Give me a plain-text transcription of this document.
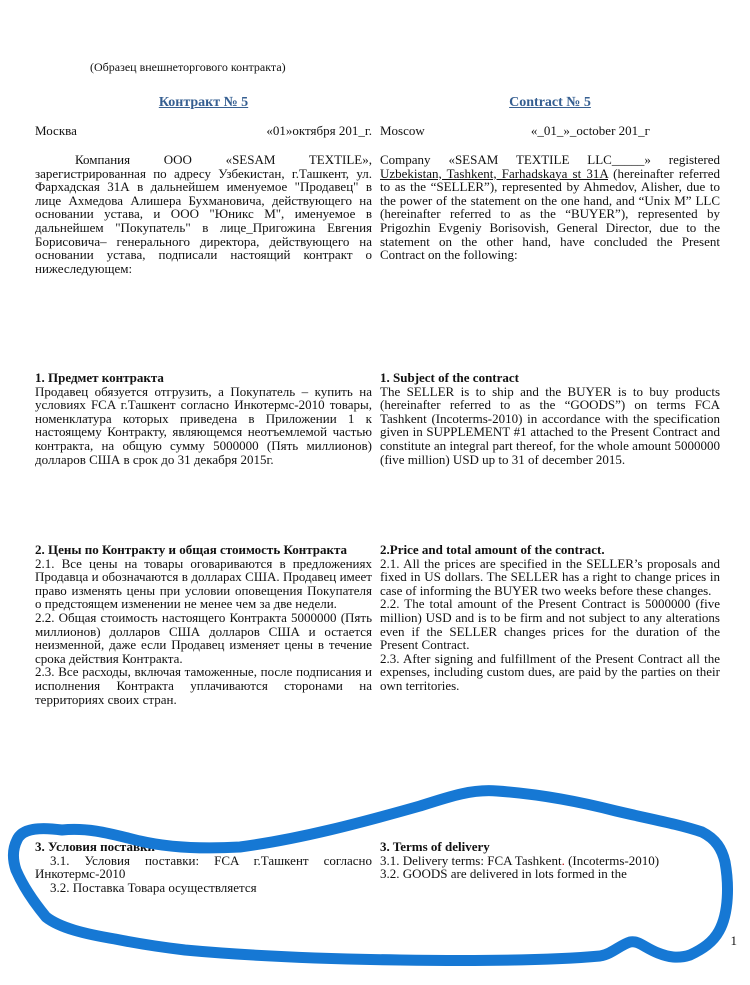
(Образец внешнеторгового контракта)
Контракт № 5	Contract № 5
Москва	«01»октября 201_г. Moscow	«_01_»_october 201_г

Компания ООО «SESAM TEXTILE», зарегистрированная по адресу Узбекистан, г.Ташкент, ул. Фархадская 31А в дальнейшем именуемое "Продавец" в лице Ахмедова Алишера Бухмановича, действующего на основании устава, и ООО "Юникс М", именуемое в дальнейшем "Покупатель" в лице_Пригожина Евгения Борисовича– генерального директора, действующего на основании устава, подписали настоящий контракт о нижеследующем:

Company «SESAM TEXTILE LLC_____» registered Uzbekistan, Tashkent, Farhadskaya st 31A (hereinafter referred to as the “SELLER”), represented by Ahmedov, Alisher, due to the power of the statement on the one hand, and “Unix M” LLC (hereinafter referred to as the “BUYER”), represented by Prigozhin Evgeniy Borisovish, General Director, due to the statement on the other hand, have concluded the Present Contract on the following:

1. Предмет контракта

Продавец обязуется отгрузить, а Покупатель – купить на условиях FCA г.Ташкент согласно Инкотермс-2010 товары, номенклатура которых приведена в Приложении 1 к настоящему Контракту, являющемся неотъемлемой частью контракта, на общую сумму 5000000 (Пять миллионов) долларов США в срок до 31 декабря 2015г.

1. Subject of the contract

The SELLER is to ship and the BUYER is to buy products (hereinafter referred to as the “GOODS”) on terms FCA Tashkent (Incoterms-2010) in accordance with the specification given in SUPPLEMENT #1 attached to the Present Contract and constitute an integral part thereof, for the whole amount 5000000 (five million) USD up to 31 of december 2015.

2. Цены по Контракту и общая стоимость Контракта

2.1. Все цены на товары оговариваются в предложениях Продавца и обозначаются в долларах США. Продавец имеет право изменять цены при условии оповещения Покупателя о предстоящем изменении не менее чем за две недели.

2.2. Общая стоимость настоящего Контракта 5000000 (Пять миллионов) долларов США долларов США и остается неизменной, даже если Продавец изменяет цены в течение срока действия Контракта.

2.3. Все расходы, включая таможенные, после подписания и исполнения Контракта уплачиваются сторонами на территориях своих стран.

2.Price and total amount of the contract.

2.1. All the prices are specified in the SELLER’s proposals and fixed in US dollars. The SELLER has a right to change prices in case of informing the BUYER two weeks before these changes.

2.2. The total amount of the Present Contract is 5000000 (five million) USD and is to be firm and not subject to any alterations even if the SELLER changes prices for the duration of the Present Contract.

2.3. After signing and fulfillment of the Present Contract all the expenses, including custom dues, are paid by the parties on their own territories.

3. Условия поставки

3.1. Условия поставки: FCA г.Ташкент согласно Инкотермс-2010

3.2. Поставка Товара осуществляется

3. Terms of delivery

3.1. Delivery terms: FCA Tashkent. (Incoterms-2010)

3.2. GOODS are delivered in lots formed in the

1
